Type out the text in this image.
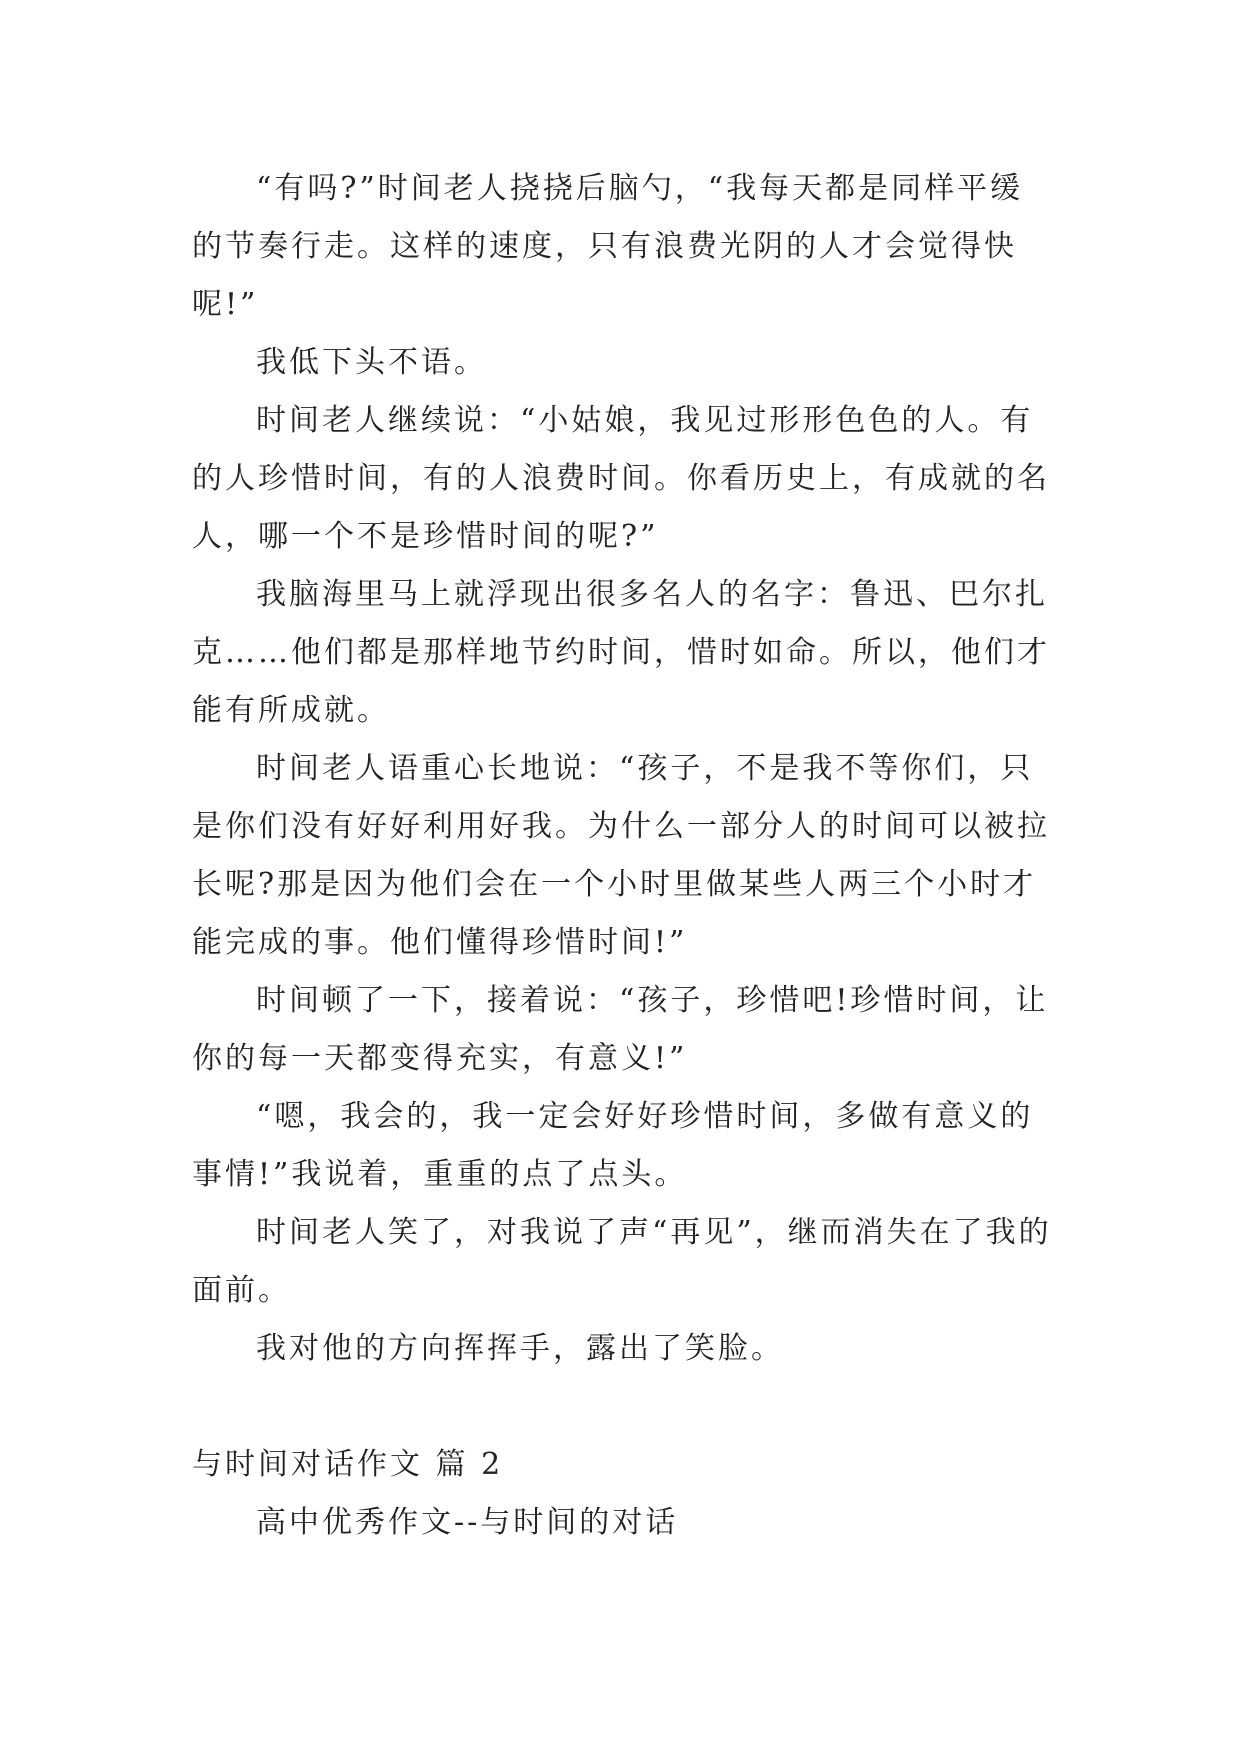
“有吗?”时间老人挠挠后脑勺，“我每天都是同样平缓的节奏行走。这样的速度，只有浪费光阴的人才会觉得快呢!”

我低下头不语。

时间老人继续说：“小姑娘，我见过形形色色的人。有的人珍惜时间，有的人浪费时间。你看历史上，有成就的名人，哪一个不是珍惜时间的呢?”

我脑海里马上就浮现出很多名人的名字：鲁迅、巴尔扎克……他们都是那样地节约时间，惜时如命。所以，他们才能有所成就。

时间老人语重心长地说：“孩子，不是我不等你们，只是你们没有好好利用好我。为什么一部分人的时间可以被拉长呢?那是因为他们会在一个小时里做某些人两三个小时才能完成的事。他们懂得珍惜时间!”

时间顿了一下，接着说：“孩子，珍惜吧!珍惜时间，让你的每一天都变得充实，有意义!”

“嗯，我会的，我一定会好好珍惜时间，多做有意义的事情!”我说着，重重的点了点头。

时间老人笑了，对我说了声“再见”，继而消失在了我的面前。

我对他的方向挥挥手，露出了笑脸。

与时间对话作文 篇 2

高中优秀作文--与时间的对话
